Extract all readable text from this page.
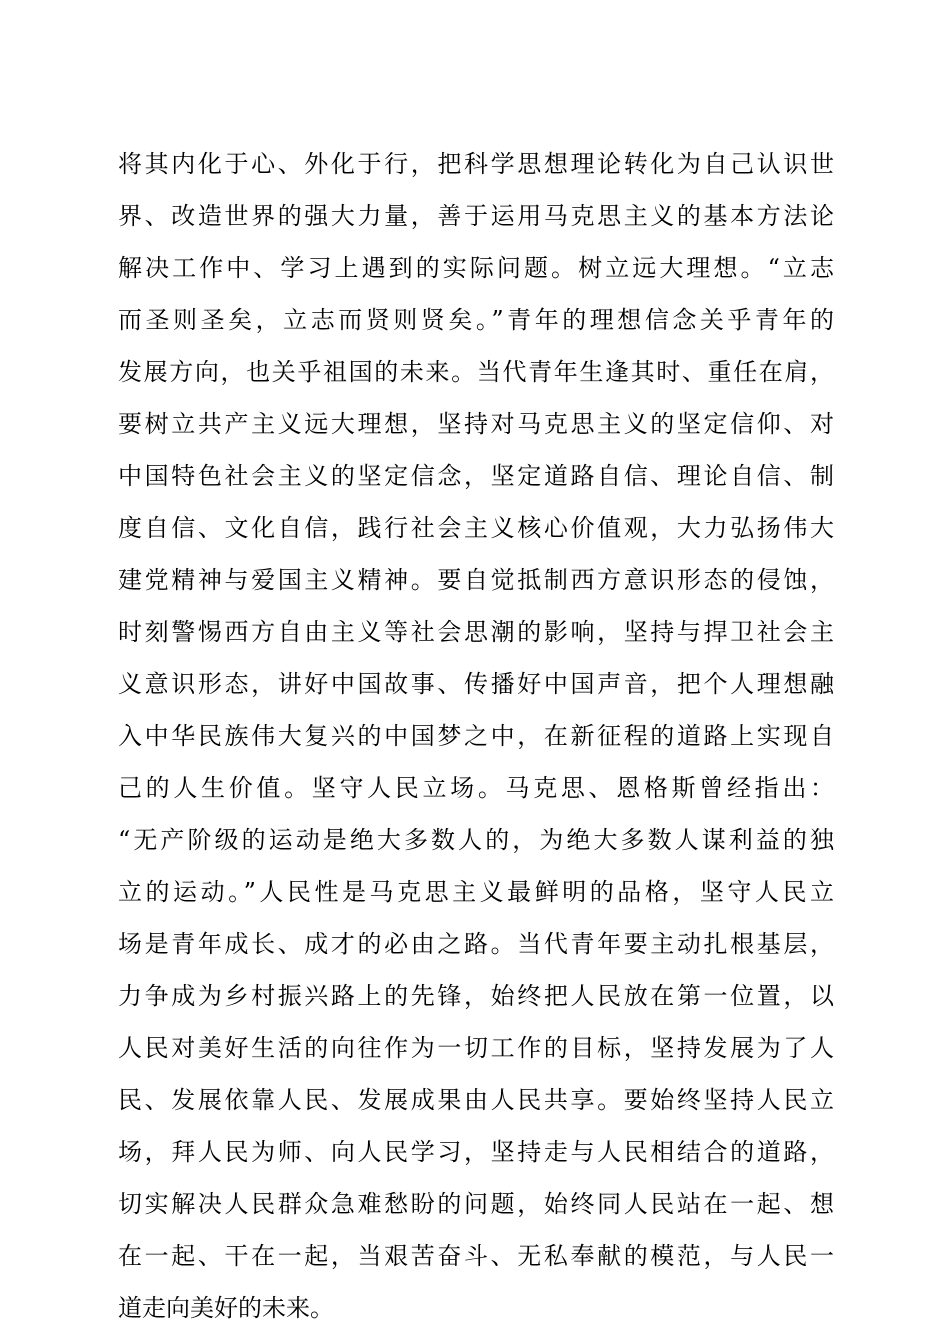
将其内化于心、外化于行，把科学思想理论转化为自己认识世
界、改造世界的强大力量，善于运用马克思主义的基本方法论
解决工作中、学习上遇到的实际问题。树立远大理想。“立志
而圣则圣矣，立志而贤则贤矣。”青年的理想信念关乎青年的
发展方向，也关乎祖国的未来。当代青年生逢其时、重任在肩，
要树立共产主义远大理想，坚持对马克思主义的坚定信仰、对
中国特色社会主义的坚定信念，坚定道路自信、理论自信、制
度自信、文化自信，践行社会主义核心价值观，大力弘扬伟大
建党精神与爱国主义精神。要自觉抵制西方意识形态的侵蚀，
时刻警惕西方自由主义等社会思潮的影响，坚持与捍卫社会主
义意识形态，讲好中国故事、传播好中国声音，把个人理想融
入中华民族伟大复兴的中国梦之中，在新征程的道路上实现自
己的人生价值。坚守人民立场。马克思、恩格斯曾经指出：
“无产阶级的运动是绝大多数人的，为绝大多数人谋利益的独
立的运动。”人民性是马克思主义最鲜明的品格，坚守人民立
场是青年成长、成才的必由之路。当代青年要主动扎根基层，
力争成为乡村振兴路上的先锋，始终把人民放在第一位置，以
人民对美好生活的向往作为一切工作的目标，坚持发展为了人
民、发展依靠人民、发展成果由人民共享。要始终坚持人民立
场，拜人民为师、向人民学习，坚持走与人民相结合的道路，
切实解决人民群众急难愁盼的问题，始终同人民站在一起、想
在一起、干在一起，当艰苦奋斗、无私奉献的模范，与人民一
道走向美好的未来。
